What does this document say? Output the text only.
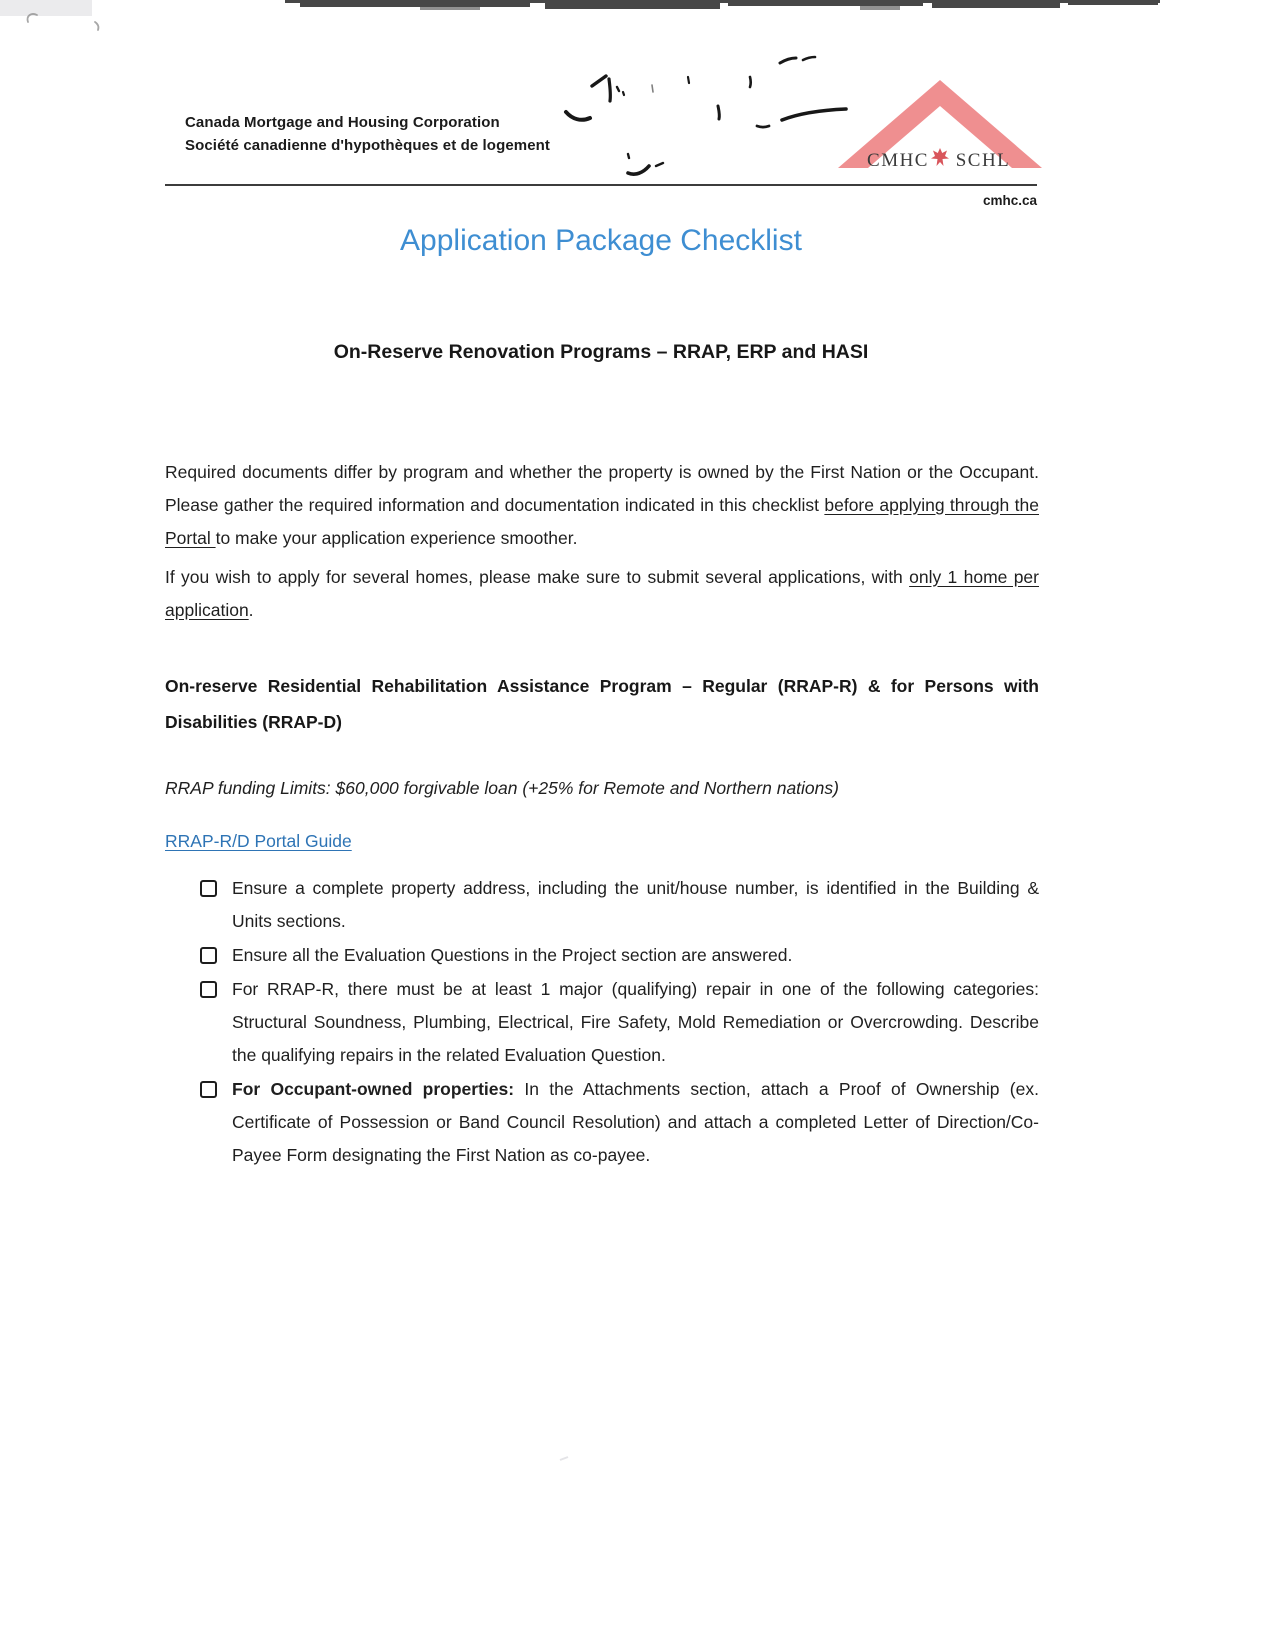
Canada Mortgage and Housing Corporation
Société canadienne d'hypothèques et de logement
CMHC SCHL
cmhc.ca
Application Package Checklist
On-Reserve Renovation Programs – RRAP, ERP and HASI

Required documents differ by program and whether the property is owned by the First Nation or the Occupant. Please gather the required information and documentation indicated in this checklist before applying through the Portal to make your application experience smoother.

If you wish to apply for several homes, please make sure to submit several applications, with only 1 home per application.

On-reserve Residential Rehabilitation Assistance Program – Regular (RRAP-R) & for Persons with Disabilities (RRAP-D)
RRAP funding Limits: $60,000 forgivable loan (+25% for Remote and Northern nations)
RRAP-R/D Portal Guide
Ensure a complete property address, including the unit/house number, is identified in the Building & Units sections.
Ensure all the Evaluation Questions in the Project section are answered.
For RRAP-R, there must be at least 1 major (qualifying) repair in one of the following categories: Structural Soundness, Plumbing, Electrical, Fire Safety, Mold Remediation or Overcrowding. Describe the qualifying repairs in the related Evaluation Question.
For Occupant-owned properties: In the Attachments section, attach a Proof of Ownership (ex. Certificate of Possession or Band Council Resolution) and attach a completed Letter of Direction/Co-Payee Form designating the First Nation as co-payee.
